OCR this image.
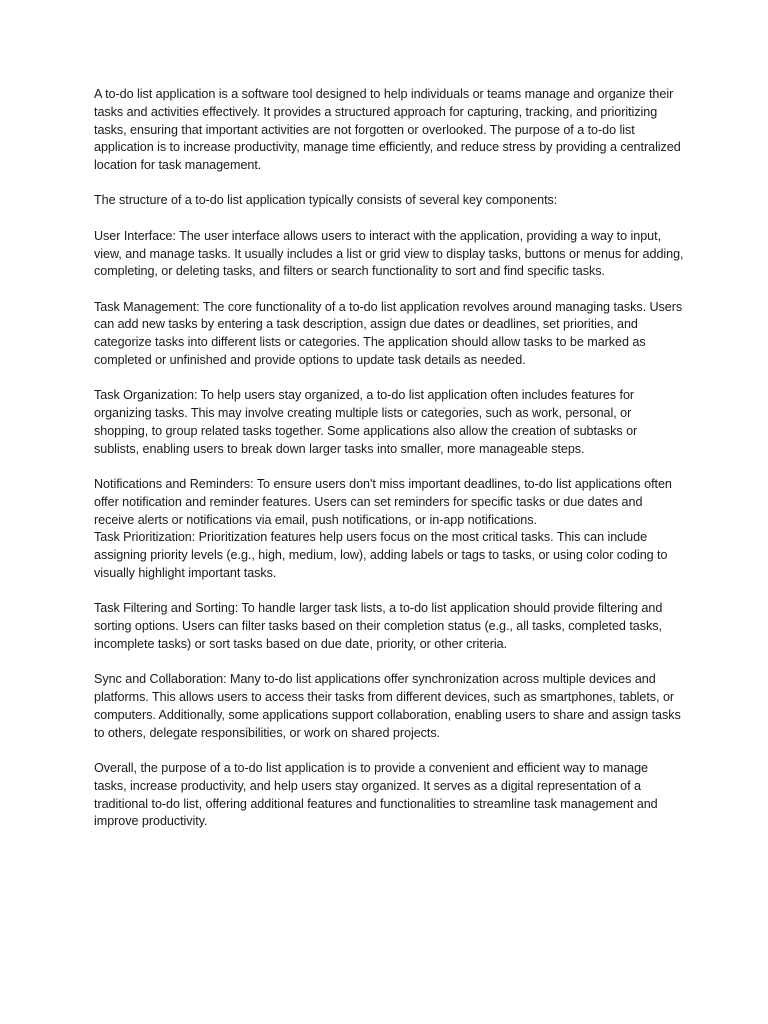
A to-do list application is a software tool designed to help individuals or teams manage and organize their tasks and activities effectively. It provides a structured approach for capturing, tracking, and prioritizing tasks, ensuring that important activities are not forgotten or overlooked. The purpose of a to-do list application is to increase productivity, manage time efficiently, and reduce stress by providing a centralized location for task management.

The structure of a to-do list application typically consists of several key components:

User Interface: The user interface allows users to interact with the application, providing a way to input, view, and manage tasks. It usually includes a list or grid view to display tasks, buttons or menus for adding, completing, or deleting tasks, and filters or search functionality to sort and find specific tasks.

Task Management: The core functionality of a to-do list application revolves around managing tasks. Users can add new tasks by entering a task description, assign due dates or deadlines, set priorities, and categorize tasks into different lists or categories. The application should allow tasks to be marked as completed or unfinished and provide options to update task details as needed.

Task Organization: To help users stay organized, a to-do list application often includes features for organizing tasks. This may involve creating multiple lists or categories, such as work, personal, or shopping, to group related tasks together. Some applications also allow the creation of subtasks or sublists, enabling users to break down larger tasks into smaller, more manageable steps.

Notifications and Reminders: To ensure users don't miss important deadlines, to-do list applications often offer notification and reminder features. Users can set reminders for specific tasks or due dates and receive alerts or notifications via email, push notifications, or in-app notifications.

Task Prioritization: Prioritization features help users focus on the most critical tasks. This can include assigning priority levels (e.g., high, medium, low), adding labels or tags to tasks, or using color coding to visually highlight important tasks.

Task Filtering and Sorting: To handle larger task lists, a to-do list application should provide filtering and sorting options. Users can filter tasks based on their completion status (e.g., all tasks, completed tasks, incomplete tasks) or sort tasks based on due date, priority, or other criteria.

Sync and Collaboration: Many to-do list applications offer synchronization across multiple devices and platforms. This allows users to access their tasks from different devices, such as smartphones, tablets, or computers. Additionally, some applications support collaboration, enabling users to share and assign tasks to others, delegate responsibilities, or work on shared projects.

Overall, the purpose of a to-do list application is to provide a convenient and efficient way to manage tasks, increase productivity, and help users stay organized. It serves as a digital representation of a traditional to-do list, offering additional features and functionalities to streamline task management and improve productivity.
